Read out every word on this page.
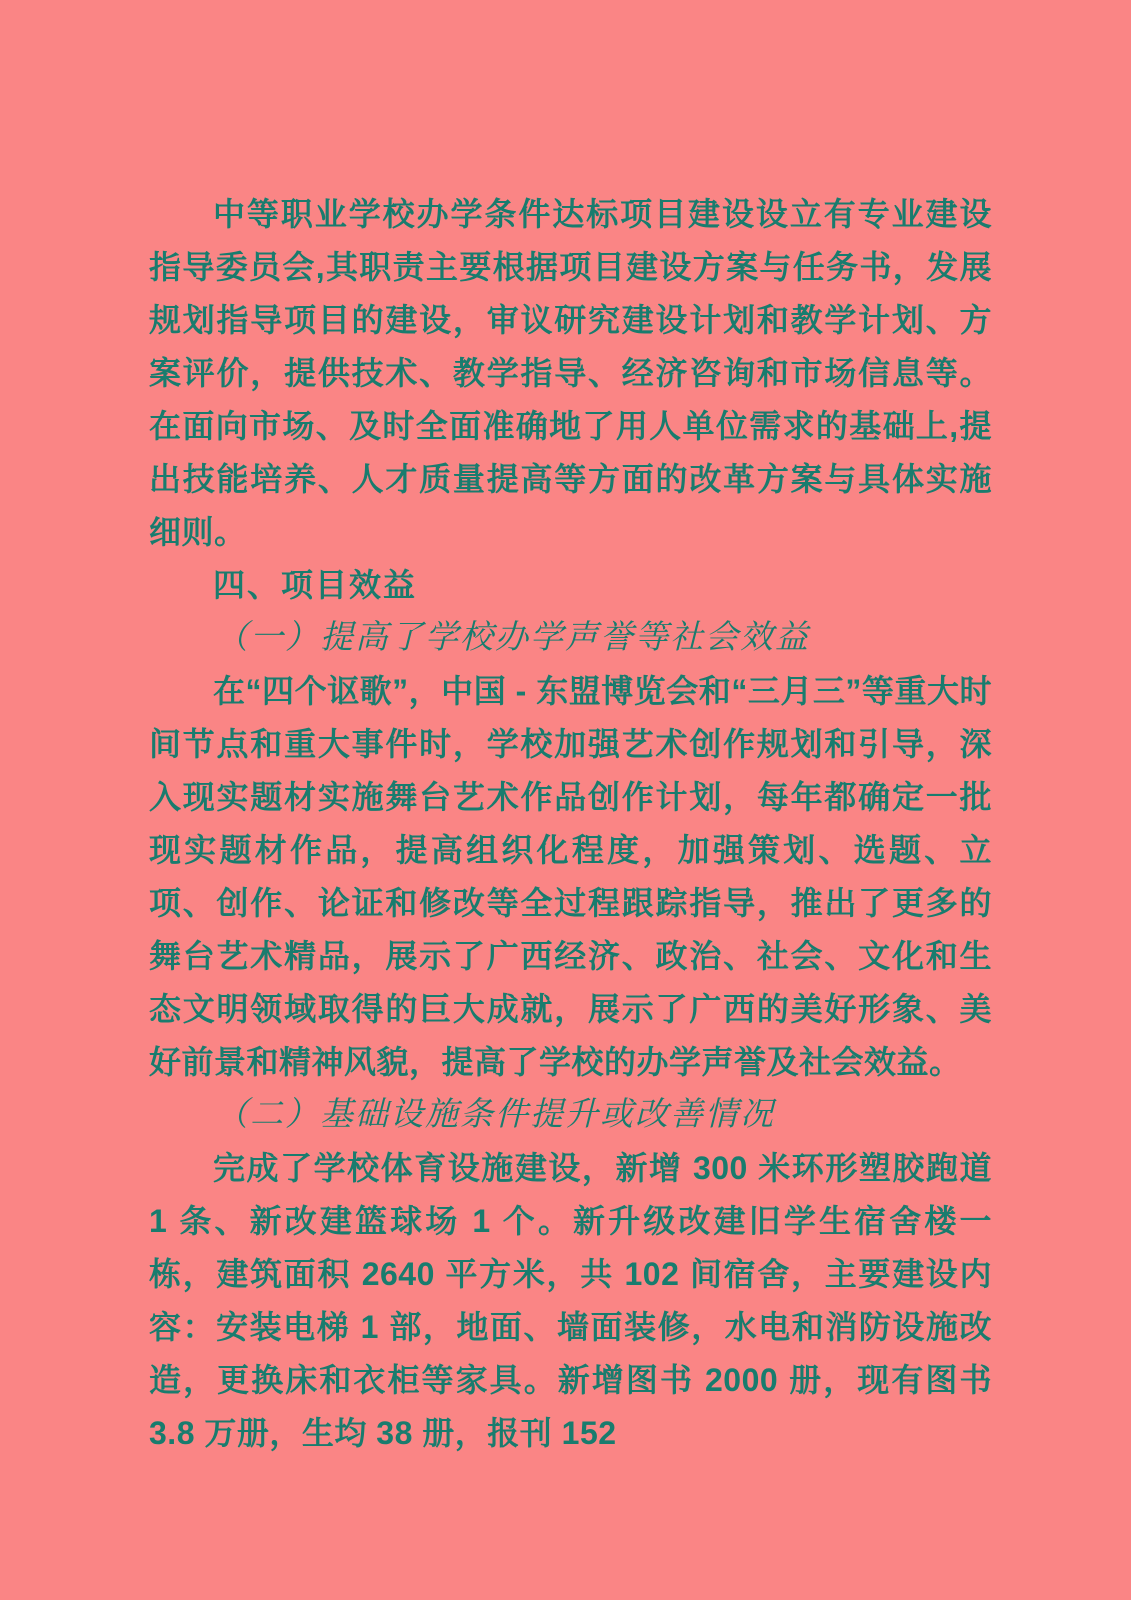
中等职业学校办学条件达标项目建设设立有专业建设指导委员会,其职责主要根据项目建设方案与任务书，发展规划指导项目的建设，审议研究建设计划和教学计划、方案评价，提供技术、教学指导、经济咨询和市场信息等。在面向市场、及时全面准确地了用人单位需求的基础上,提出技能培养、人才质量提高等方面的改革方案与具体实施细则。

四、项目效益

（一）提高了学校办学声誉等社会效益

在“四个讴歌”，中国 - 东盟博览会和“三月三”等重大时间节点和重大事件时，学校加强艺术创作规划和引导，深入现实题材实施舞台艺术作品创作计划，每年都确定一批现实题材作品，提高组织化程度，加强策划、选题、立项、创作、论证和修改等全过程跟踪指导，推出了更多的舞台艺术精品，展示了广西经济、政治、社会、文化和生态文明领域取得的巨大成就，展示了广西的美好形象、美好前景和精神风貌，提高了学校的办学声誉及社会效益。

（二）基础设施条件提升或改善情况

完成了学校体育设施建设，新增 300 米环形塑胶跑道 1 条、新改建篮球场 1 个。新升级改建旧学生宿舍楼一栋，建筑面积 2640 平方米，共 102 间宿舍，主要建设内容：安装电梯 1 部，地面、墙面装修，水电和消防设施改造，更换床和衣柜等家具。新增图书 2000 册，现有图书 3.8 万册，生均 38 册，报刊 152
